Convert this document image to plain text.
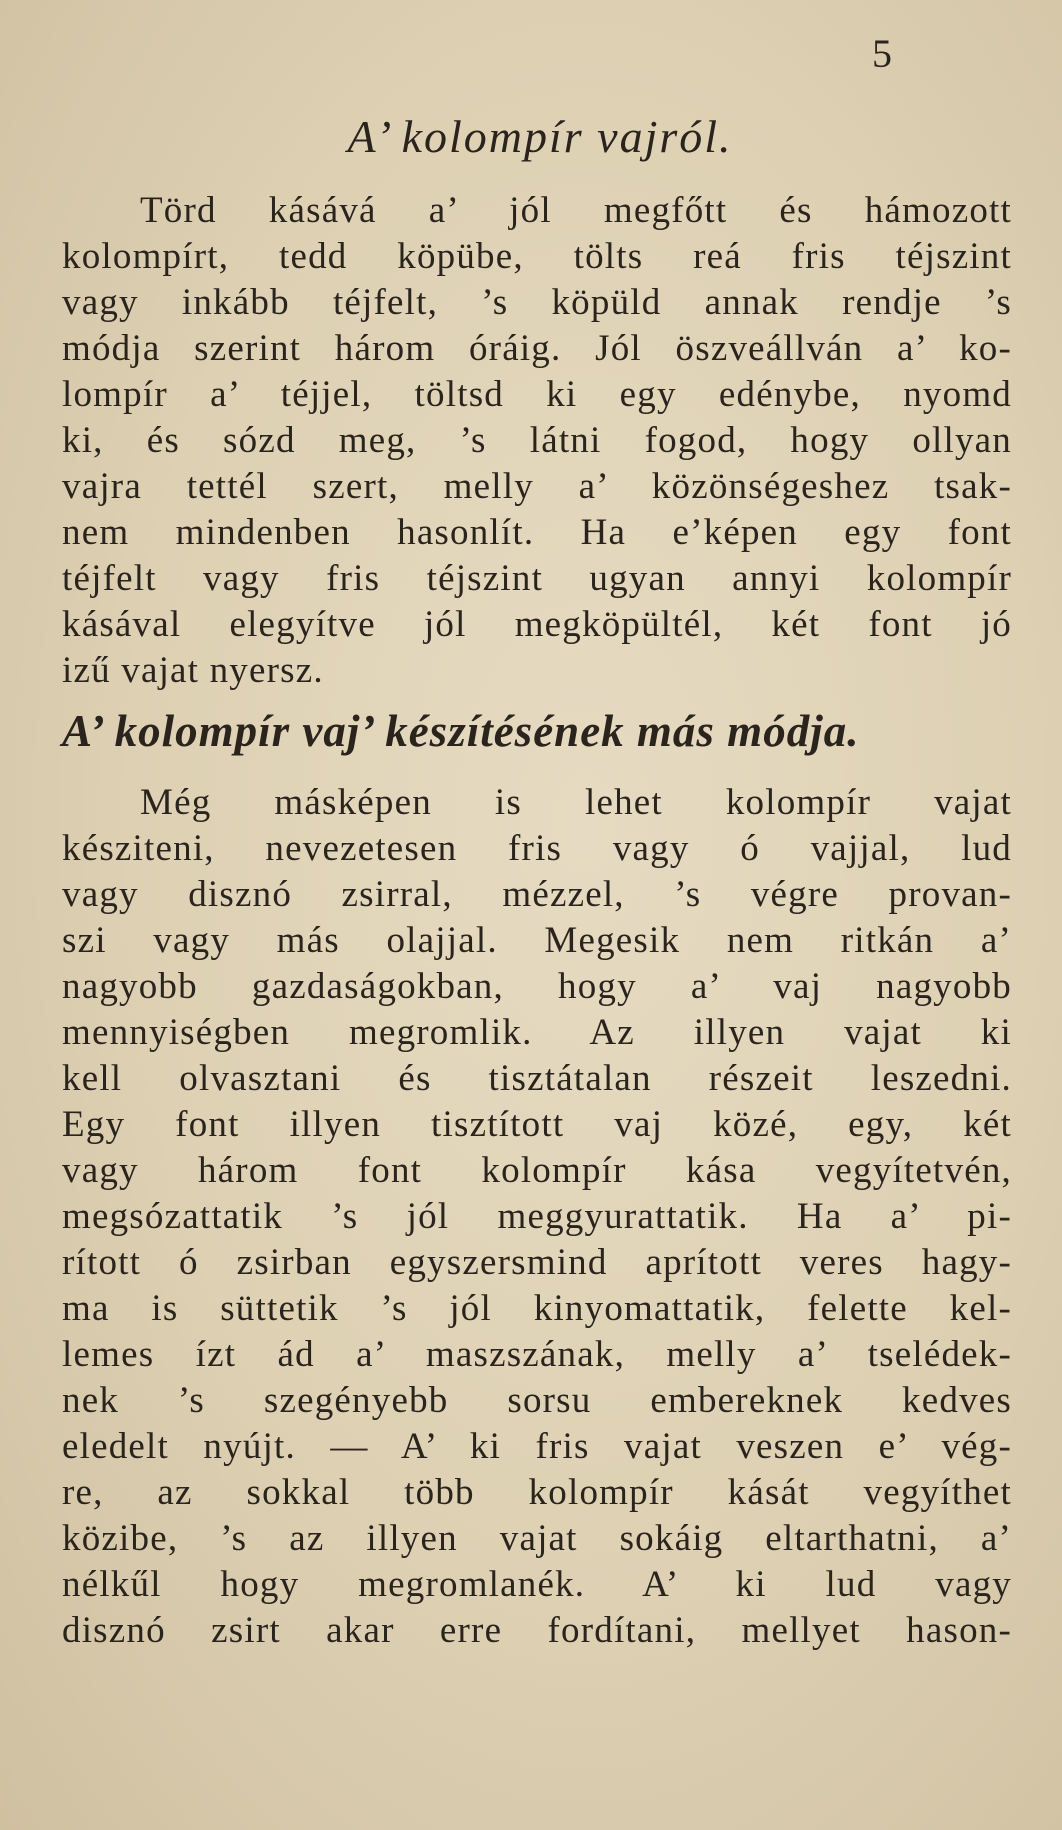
5
A’ kolompír vajról.
Törd kásává a’ jól megfőtt és hámozott
kolompírt, tedd köpübe, tölts reá fris téjszint
vagy inkább téjfelt, ’s köpüld annak rendje ’s
módja szerint három óráig. Jól öszveállván a’ ko-
lompír a’ téjjel, töltsd ki egy edénybe, nyomd
ki, és sózd meg, ’s látni fogod, hogy ollyan
vajra tettél szert, melly a’ közönségeshez tsak-
nem mindenben hasonlít. Ha e’képen egy font
téjfelt vagy fris téjszint ugyan annyi kolompír
kásával elegyítve jól megköpültél, két font jó
izű vajat nyersz.
A’ kolompír vaj’ készítésének más módja.
Még másképen is lehet kolompír vajat
késziteni, nevezetesen fris vagy ó vajjal, lud
vagy disznó zsirral, mézzel, ’s végre provan-
szi vagy más olajjal. Megesik nem ritkán a’
nagyobb gazdaságokban, hogy a’ vaj nagyobb
mennyiségben megromlik. Az illyen vajat ki
kell olvasztani és tisztátalan részeit leszedni.
Egy font illyen tisztított vaj közé, egy, két
vagy három font kolompír kása vegyítetvén,
megsózattatik ’s jól meggyurattatik. Ha a’ pi-
rított ó zsirban egyszersmind aprított veres hagy-
ma is süttetik ’s jól kinyomattatik, felette kel-
lemes ízt ád a’ maszszának, melly a’ tselédek-
nek ’s szegényebb sorsu embereknek kedves
eledelt nyújt. — A’ ki fris vajat veszen e’ vég-
re, az sokkal több kolompír kását vegyíthet
közibe, ’s az illyen vajat sokáig eltarthatni, a’
nélkűl hogy megromlanék. A’ ki lud vagy
disznó zsirt akar erre fordítani, mellyet hason-
